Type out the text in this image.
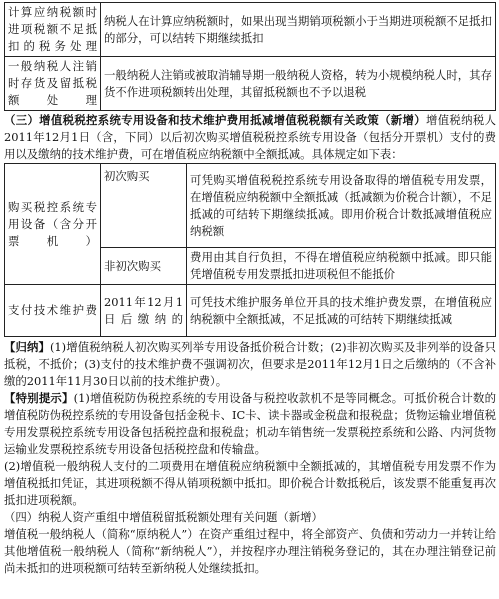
计算应纳税额时进项税额不足抵扣的税务处理	纳税人在计算应纳税额时，如果出现当期销项税额小于当期进项税额不足抵扣的部分，可以结转下期继续抵扣
一般纳税人注销时存货及留抵税额处理	一般纳税人注销或被取消辅导期一般纳税人资格，转为小规模纳税人时，其存货不作进项税额转出处理，其留抵税额也不予以退税

（三）增值税税控系统专用设备和技术维护费用抵减增值税税额有关政策（新增）增值税纳税人2011年12月1日（含，下同）以后初次购买增值税税控系统专用设备（包括分开票机）支付的费用以及缴纳的技术维护费，可在增值税应纳税额中全额抵减。具体规定如下表：

购买税控系统专用设备（含分开票机）	初次购买	可凭购买增值税税控系统专用设备取得的增值税专用发票，在增值税应纳税额中全额抵减（抵减额为价税合计额），不足抵减的可结转下期继续抵减。即用价税合计数抵减增值税应纳税额
	非初次购买	费用由其自行负担，不得在增值税应纳税额中抵减。即只能凭增值税专用发票抵扣进项税但不能抵价
支付技术维护费	2011年12月1日后缴纳的	可凭技术维护服务单位开具的技术维护费发票，在增值税应纳税额中全额抵减，不足抵减的可结转下期继续抵减

【归纳】(1)增值税纳税人初次购买列举专用设备抵价税合计数；(2)非初次购买及非列举的设备只抵税，不抵价；(3)支付的技术维护费不强调初次，但要求是2011年12月1日之后缴纳的（不含补缴的2011年11月30日以前的技术维护费）。

【特别提示】(1)增值税防伪税控系统的专用设备与税控收款机不是等同概念。可抵价税合计数的增值税防伪税控系统的专用设备包括金税卡、IC卡、读卡器或金税盘和报税盘；货物运输业增值税专用发票税控系统专用设备包括税控盘和报税盘；机动车销售统一发票税控系统和公路、内河货物运输业发票税控系统专用设备包括税控盘和传输盘。

(2)增值税一般纳税人支付的二项费用在增值税应纳税额中全额抵减的，其增值税专用发票不作为增值税抵扣凭证，其进项税额不得从销项税额中抵扣。即价税合计数抵税后，该发票不能重复再次抵扣进项税额。

（四）纳税人资产重组中增值税留抵税额处理有关问题（新增）

增值税一般纳税人（简称“原纳税人”）在资产重组过程中，将全部资产、负债和劳动力一并转让给其他增值税一般纳税人（简称“新纳税人”），并按程序办理注销税务登记的，其在办理注销登记前尚未抵扣的进项税额可结转至新纳税人处继续抵扣。
